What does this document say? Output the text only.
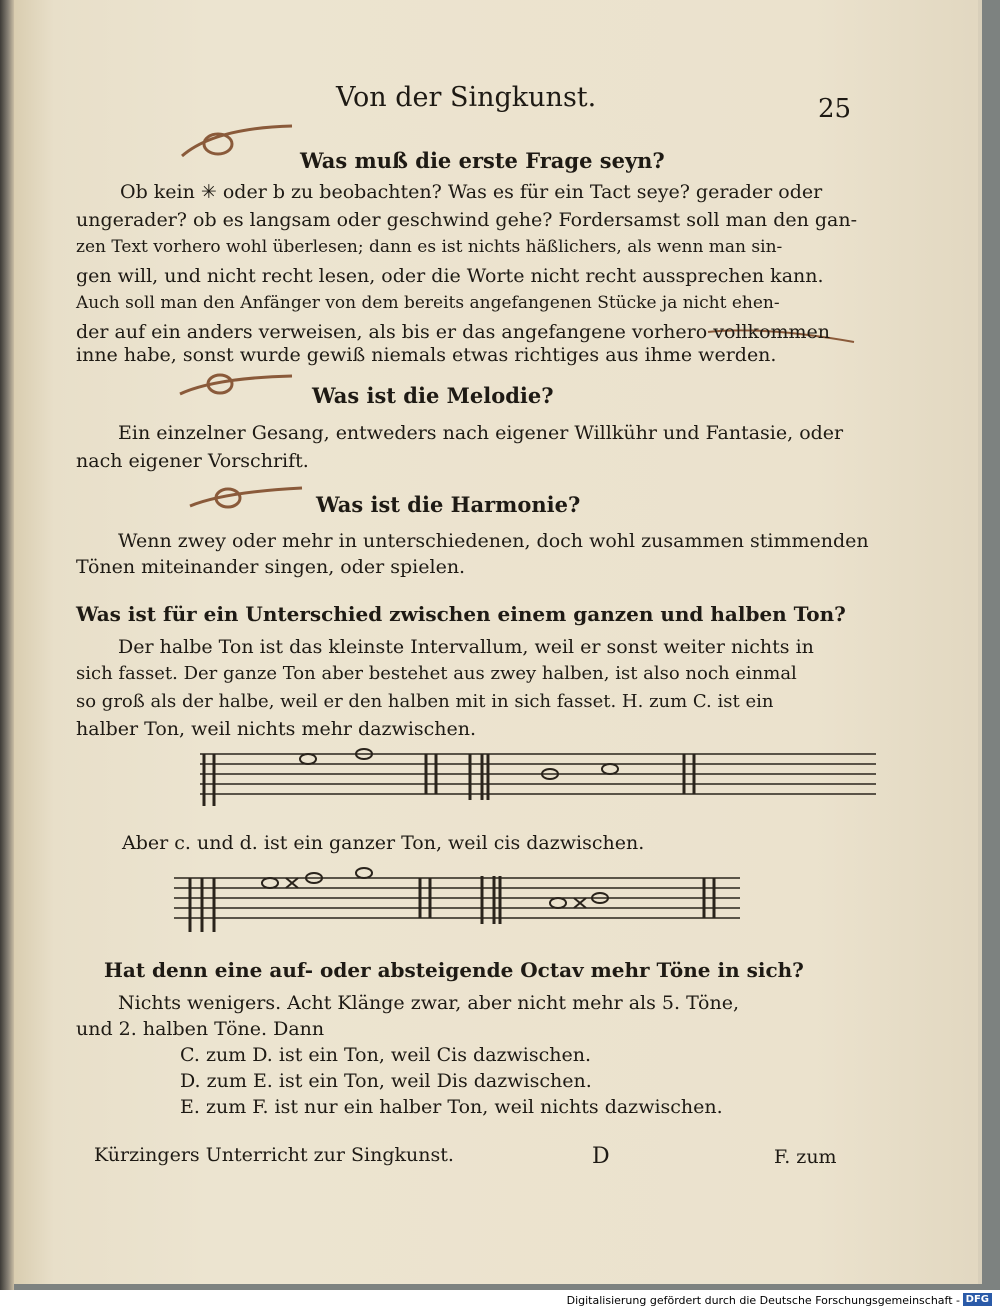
Von der Singkunst.	25
Was muß die erste Frage seyn?
Ob kein ✳ oder b zu beobachten? Was es für ein Tact seye? gerader oder
ungerader? ob es langsam oder geschwind gehe? Fordersamst soll man den gan-
zen Text vorhero wohl überlesen; dann es ist nichts häßlichers, als wenn man sin-
gen will, und nicht recht lesen, oder die Worte nicht recht aussprechen kann.
Auch soll man den Anfänger von dem bereits angefangenen Stücke ja nicht ehen-
der auf ein anders verweisen, als bis er das angefangene vorhero vollkommen
inne habe, sonst wurde gewiß niemals etwas richtiges aus ihme werden.
Was ist die Melodie?
Ein einzelner Gesang, entweders nach eigener Willkühr und Fantasie, oder
nach eigener Vorschrift.
Was ist die Harmonie?
Wenn zwey oder mehr in unterschiedenen, doch wohl zusammen stimmenden
Tönen miteinander singen, oder spielen.
Was ist für ein Unterschied zwischen einem ganzen und halben Ton?
Der halbe Ton ist das kleinste Intervallum, weil er sonst weiter nichts in
sich fasset. Der ganze Ton aber bestehet aus zwey halben, ist also noch einmal
so groß als der halbe, weil er den halben mit in sich fasset. H. zum C. ist ein
halber Ton, weil nichts mehr dazwischen.
Aber c. und d. ist ein ganzer Ton, weil cis dazwischen.
Hat denn eine auf- oder absteigende Octav mehr Töne in sich?
Nichts wenigers. Acht Klänge zwar, aber nicht mehr als 5. Töne,
und 2. halben Töne. Dann
C. zum D. ist ein Ton, weil Cis dazwischen.
D. zum E. ist ein Ton, weil Dis dazwischen.
E. zum F. ist nur ein halber Ton, weil nichts dazwischen.
Kürzingers Unterricht zur Singkunst.	D	F. zum
Digitalisierung gefördert durch die Deutsche Forschungsgemeinschaft - DFG
